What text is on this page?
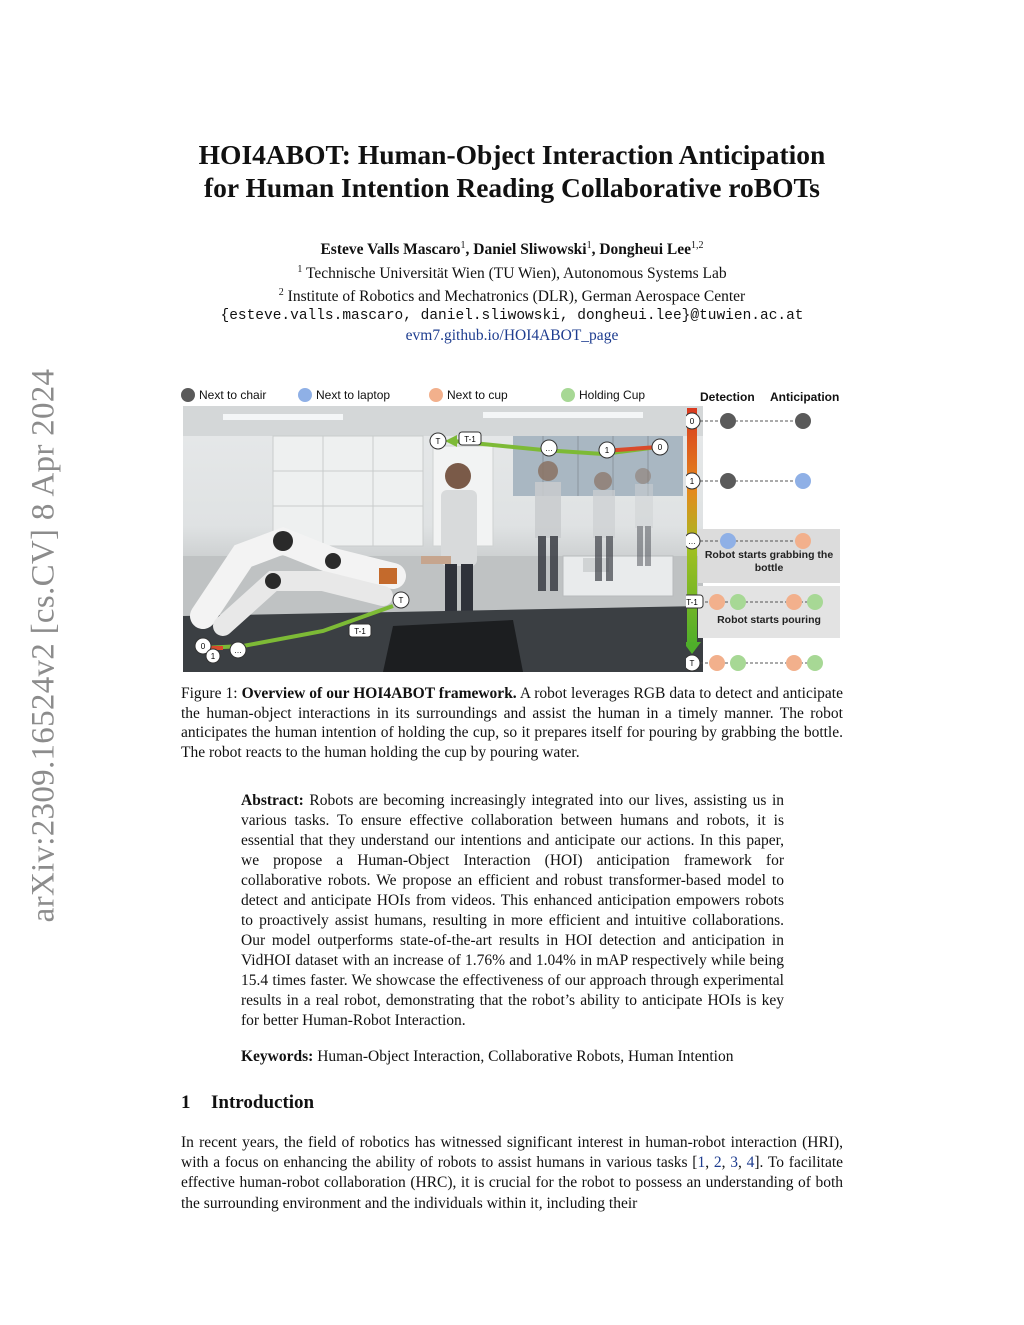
arXiv:2309.16524v2 [cs.CV] 8 Apr 2024
HOI4ABOT: Human-Object Interaction Anticipation
for Human Intention Reading Collaborative roBOTs
Esteve Valls Mascaro$^1$, Daniel Sliwowski$^1$, Dongheui Lee$^{1,2}$
$^1$ Technische Universität Wien (TU Wien), Autonomous Systems Lab
$^2$ Institute of Robotics and Mechatronics (DLR), German Aerospace Center
{esteve.valls.mascaro, daniel.sliwowski, dongheui.lee}@tuwien.ac.at
evm7.github.io/HOI4ABOT_page
Next to chair	Next to laptop	Next to cup	Holding Cup	Detection Anticipation
T	T-1
…	1	0
0
1
…
T-1
T
0
1
…
T-1
T
Robot starts grabbing the bottle
Robot starts pouring
Figure 1: Overview of our HOI4ABOT framework. A robot leverages RGB data to detect and anticipate the human-object interactions in its surroundings and assist the human in a timely manner. The robot anticipates the human intention of holding the cup, so it prepares itself for pouring by grabbing the bottle. The robot reacts to the human holding the cup by pouring water.
Abstract: Robots are becoming increasingly integrated into our lives, assisting us in various tasks. To ensure effective collaboration between humans and robots, it is essential that they understand our intentions and anticipate our actions. In this paper, we propose a Human-Object Interaction (HOI) anticipation framework for collaborative robots. We propose an efficient and robust transformer-based model to detect and anticipate HOIs from videos. This enhanced anticipation empowers robots to proactively assist humans, resulting in more efficient and intuitive collaborations. Our model outperforms state-of-the-art results in HOI detection and anticipation in VidHOI dataset with an increase of 1.76% and 1.04% in mAP respectively while being 15.4 times faster. We showcase the effectiveness of our approach through experimental results in a real robot, demonstrating that the robot’s ability to anticipate HOIs is key for better Human-Robot Interaction.
Keywords: Human-Object Interaction, Collaborative Robots, Human Intention
1 Introduction
In recent years, the field of robotics has witnessed significant interest in human-robot interaction (HRI), with a focus on enhancing the ability of robots to assist humans in various tasks [1, 2, 3, 4]. To facilitate effective human-robot collaboration (HRC), it is crucial for the robot to possess an understanding of both the surrounding environment and the individuals within it, including their
